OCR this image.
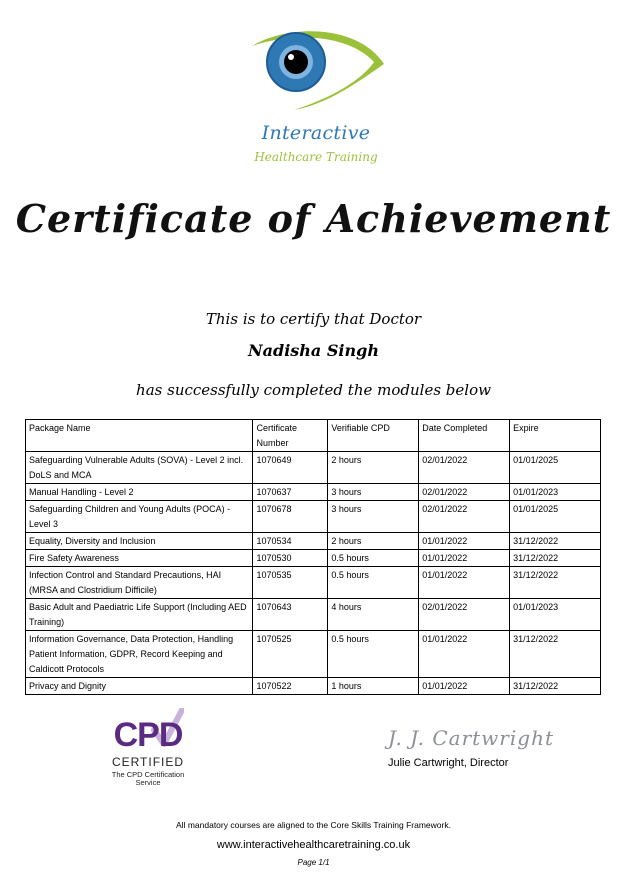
Interactive
Healthcare Training
Certificate of Achievement
This is to certify that Doctor
Nadisha Singh
has successfully completed the modules below
Package Name	Certificate Number	Verifiable CPD	Date Completed	Expire
Safeguarding Vulnerable Adults (SOVA) - Level 2 incl. DoLS and MCA	1070649	2 hours	02/01/2022	01/01/2025
Manual Handling - Level 2	1070637	3 hours	02/01/2022	01/01/2023
Safeguarding Children and Young Adults (POCA) - Level 3	1070678	3 hours	02/01/2022	01/01/2025
Equality, Diversity and Inclusion	1070534	2 hours	01/01/2022	31/12/2022
Fire Safety Awareness	1070530	0.5 hours	01/01/2022	31/12/2022
Infection Control and Standard Precautions, HAI (MRSA and Clostridium Difficile)	1070535	0.5 hours	01/01/2022	31/12/2022
Basic Adult and Paediatric Life Support (Including AED Training)	1070643	4 hours	02/01/2022	01/01/2023
Information Governance, Data Protection, Handling Patient Information, GDPR, Record Keeping and Caldicott Protocols	1070525	0.5 hours	01/01/2022	31/12/2022
Privacy and Dignity	1070522	1 hours	01/01/2022	31/12/2022
CPD
CERTIFIED
The CPD Certification
Service
J. J. Cartwright
Julie Cartwright, Director
All mandatory courses are aligned to the Core Skills Training Framework.
www.interactivehealthcaretraining.co.uk
Page 1/1
